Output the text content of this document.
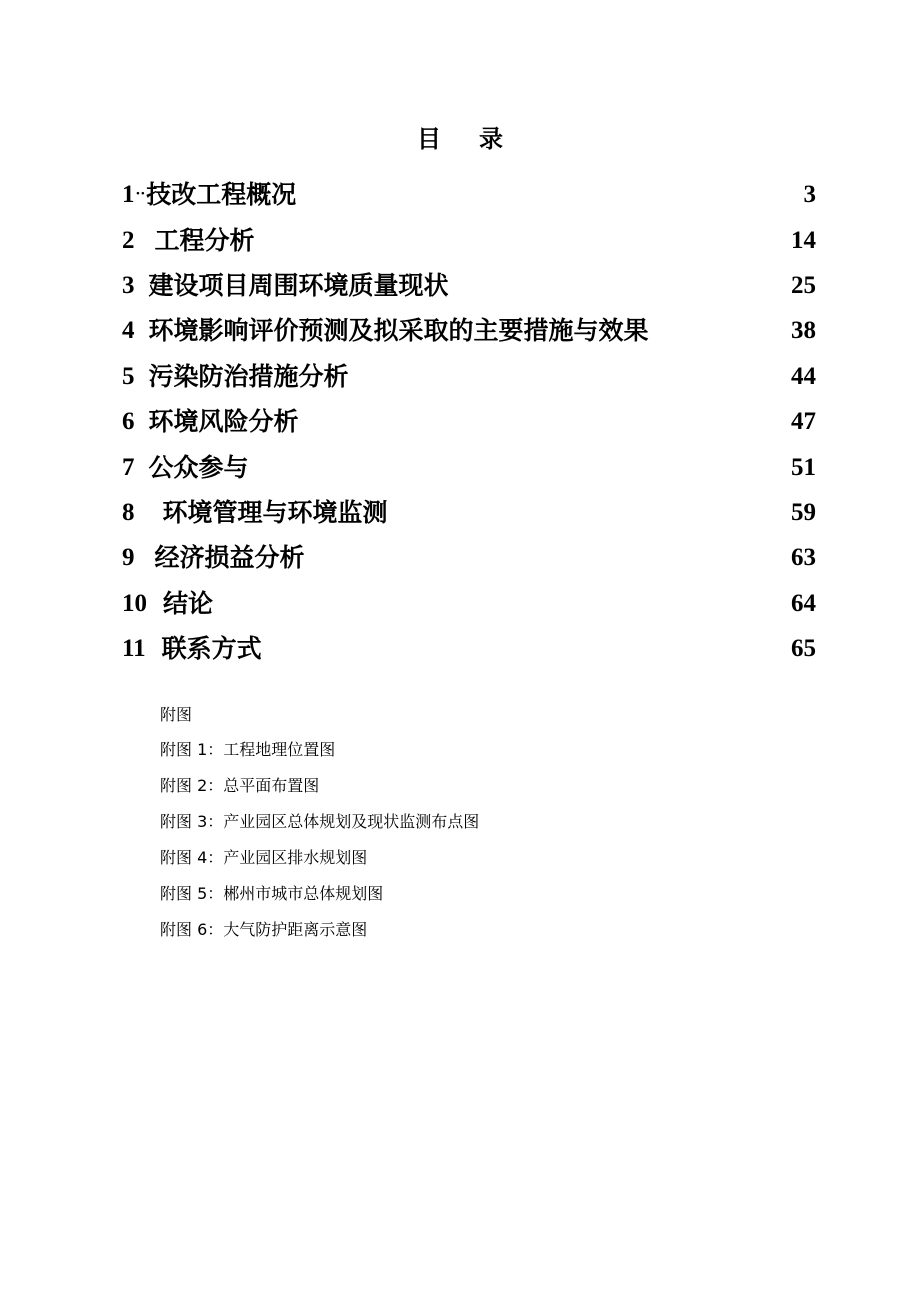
目录
1 ·· 技改工程概况	3
2 工程分析	14
3 建设项目周围环境质量现状	25
4 环境影响评价预测及拟采取的主要措施与效果	38
5 污染防治措施分析	44
6 环境风险分析	47
7 公众参与	51
8 环境管理与环境监测	59
9 经济损益分析	63
10 结论	64
11 联系方式	65
附图
附图 1：工程地理位置图
附图 2：总平面布置图
附图 3：产业园区总体规划及现状监测布点图
附图 4：产业园区排水规划图
附图 5：郴州市城市总体规划图
附图 6：大气防护距离示意图
